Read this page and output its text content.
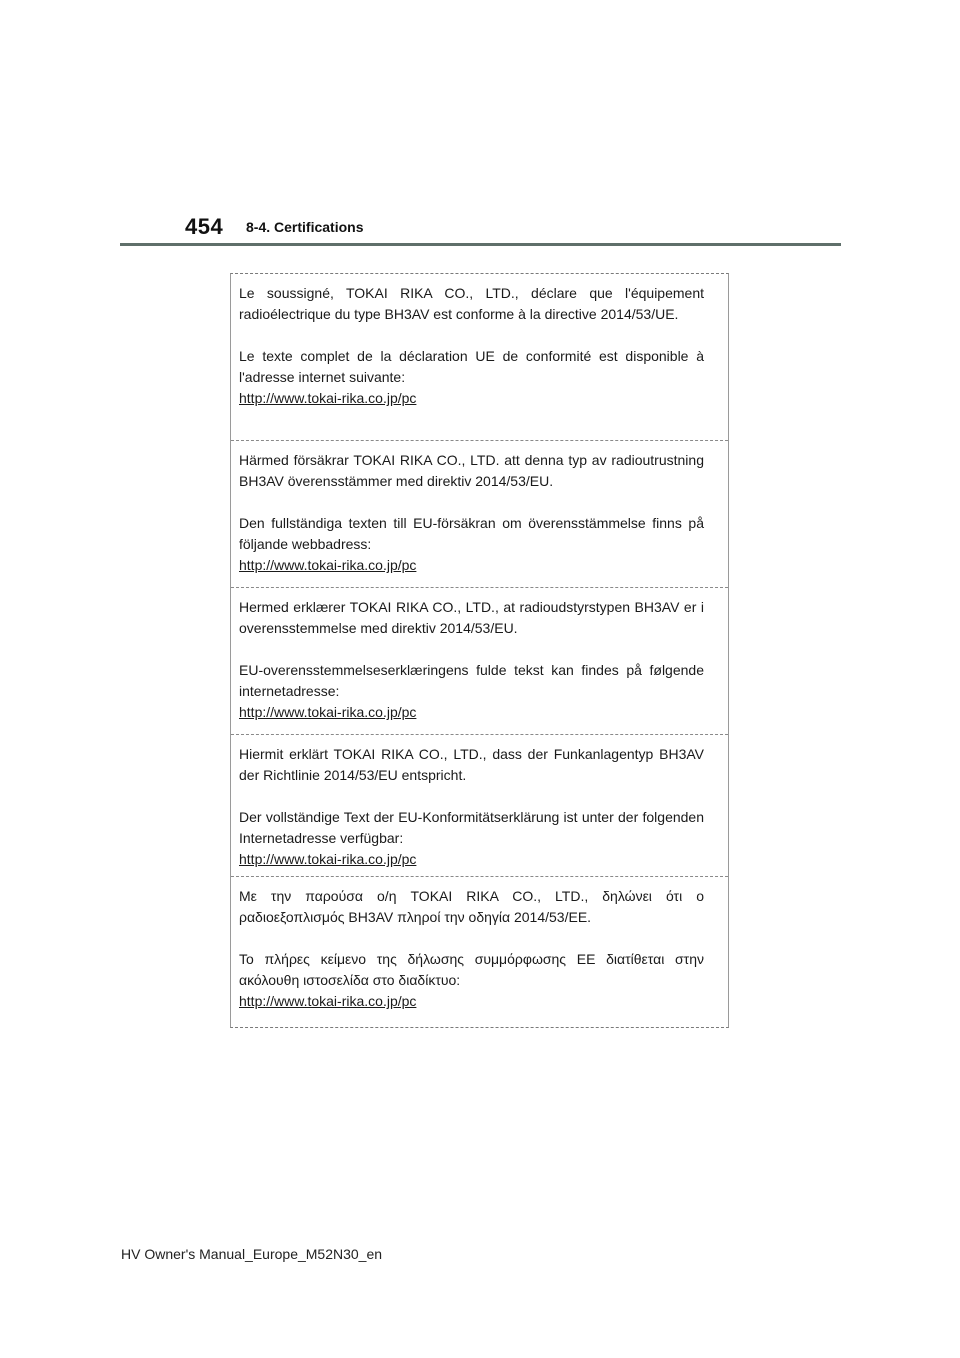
454 8-4. Certifications

Le soussigné, TOKAI RIKA CO., LTD., déclare que l'équipement radioélectrique du type BH3AV est conforme à la directive 2014/53/UE.

Le texte complet de la déclaration UE de conformité est disponible à l'adresse internet suivante:

http://www.tokai-rika.co.jp/pc

Härmed försäkrar TOKAI RIKA CO., LTD. att denna typ av radioutrustning BH3AV överensstämmer med direktiv 2014/53/EU.

Den fullständiga texten till EU-försäkran om överensstämmelse finns på följande webbadress:

http://www.tokai-rika.co.jp/pc

Hermed erklærer TOKAI RIKA CO., LTD., at radioudstyrstypen BH3AV er i overensstemmelse med direktiv 2014/53/EU.

EU-overensstemmelseserklæringens fulde tekst kan findes på følgende internetadresse:

http://www.tokai-rika.co.jp/pc

Hiermit erklärt TOKAI RIKA CO., LTD., dass der Funkanlagentyp BH3AV der Richtlinie 2014/53/EU entspricht.

Der vollständige Text der EU-Konformitätserklärung ist unter der folgenden Internetadresse verfügbar:

http://www.tokai-rika.co.jp/pc

Με την παρούσα ο/η TOKAI RIKA CO., LTD., δηλώνει ότι ο ραδιοεξοπλισμός BH3AV πληροί την οδηγία 2014/53/ΕΕ.

Το πλήρες κείμενο της δήλωσης συμμόρφωσης ΕΕ διατίθεται στην ακόλουθη ιστοσελίδα στο διαδίκτυο:

http://www.tokai-rika.co.jp/pc
HV Owner's Manual_Europe_M52N30_en
